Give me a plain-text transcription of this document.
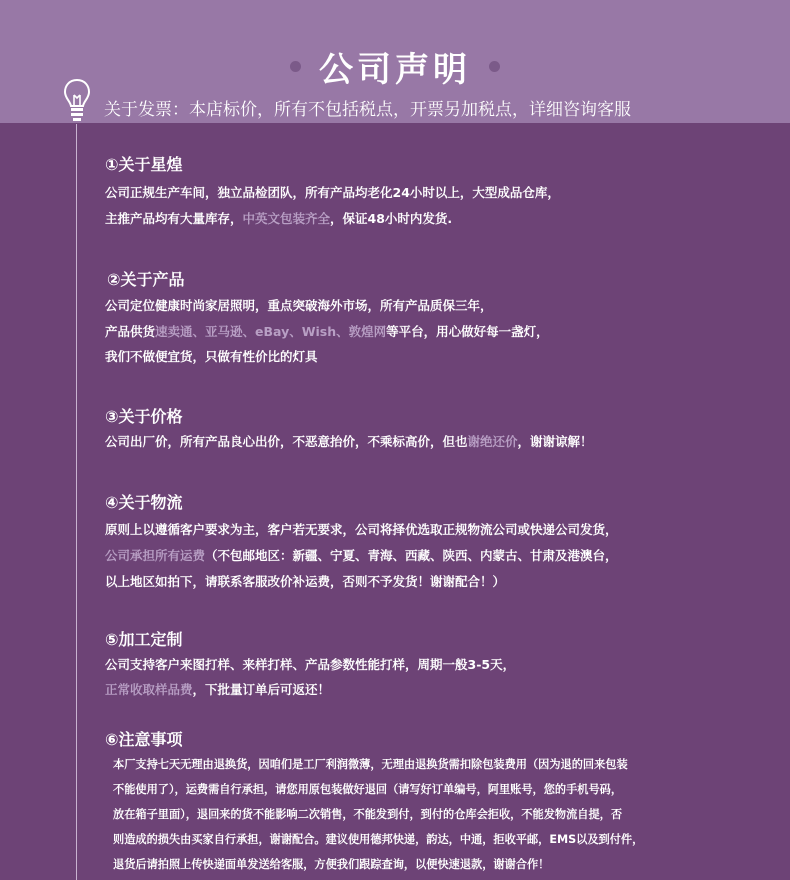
公司声明
关于发票：本店标价，所有不包括税点，开票另加税点，详细咨询客服
①关于星煌
公司正规生产车间，独立品检团队，所有产品均老化24小时以上，大型成品仓库，
主推产品均有大量库存，中英文包装齐全，保证48小时内发货.
②关于产品
公司定位健康时尚家居照明，重点突破海外市场，所有产品质保三年，
产品供货速卖通、亚马逊、eBay、Wish、敦煌网等平台，用心做好每一盏灯，
我们不做便宜货，只做有性价比的灯具
③关于价格
公司出厂价，所有产品良心出价，不恶意抬价，不乘标高价，但也谢绝还价，谢谢谅解！
④关于物流
原则上以遵循客户要求为主，客户若无要求，公司将择优选取正规物流公司或快递公司发货，
公司承担所有运费（不包邮地区：新疆、宁夏、青海、西藏、陕西、内蒙古、甘肃及港澳台，
以上地区如拍下，请联系客服改价补运费，否则不予发货！谢谢配合！）
⑤加工定制
公司支持客户来图打样、来样打样、产品参数性能打样，周期一般3-5天，
正常收取样品费，下批量订单后可返还！
⑥注意事项
本厂支持七天无理由退换货，因咱们是工厂利润微薄，无理由退换货需扣除包装费用（因为退的回来包装
不能使用了），运费需自行承担，请您用原包装做好退回（请写好订单编号，阿里账号，您的手机号码，
放在箱子里面），退回来的货不能影响二次销售，不能发到付，到付的仓库会拒收，不能发物流自提，否
则造成的损失由买家自行承担，谢谢配合。建议使用德邦快递，韵达，中通，拒收平邮，EMS以及到付件，
退货后请拍照上传快递面单发送给客服，方便我们跟踪查询，以便快速退款，谢谢合作！
